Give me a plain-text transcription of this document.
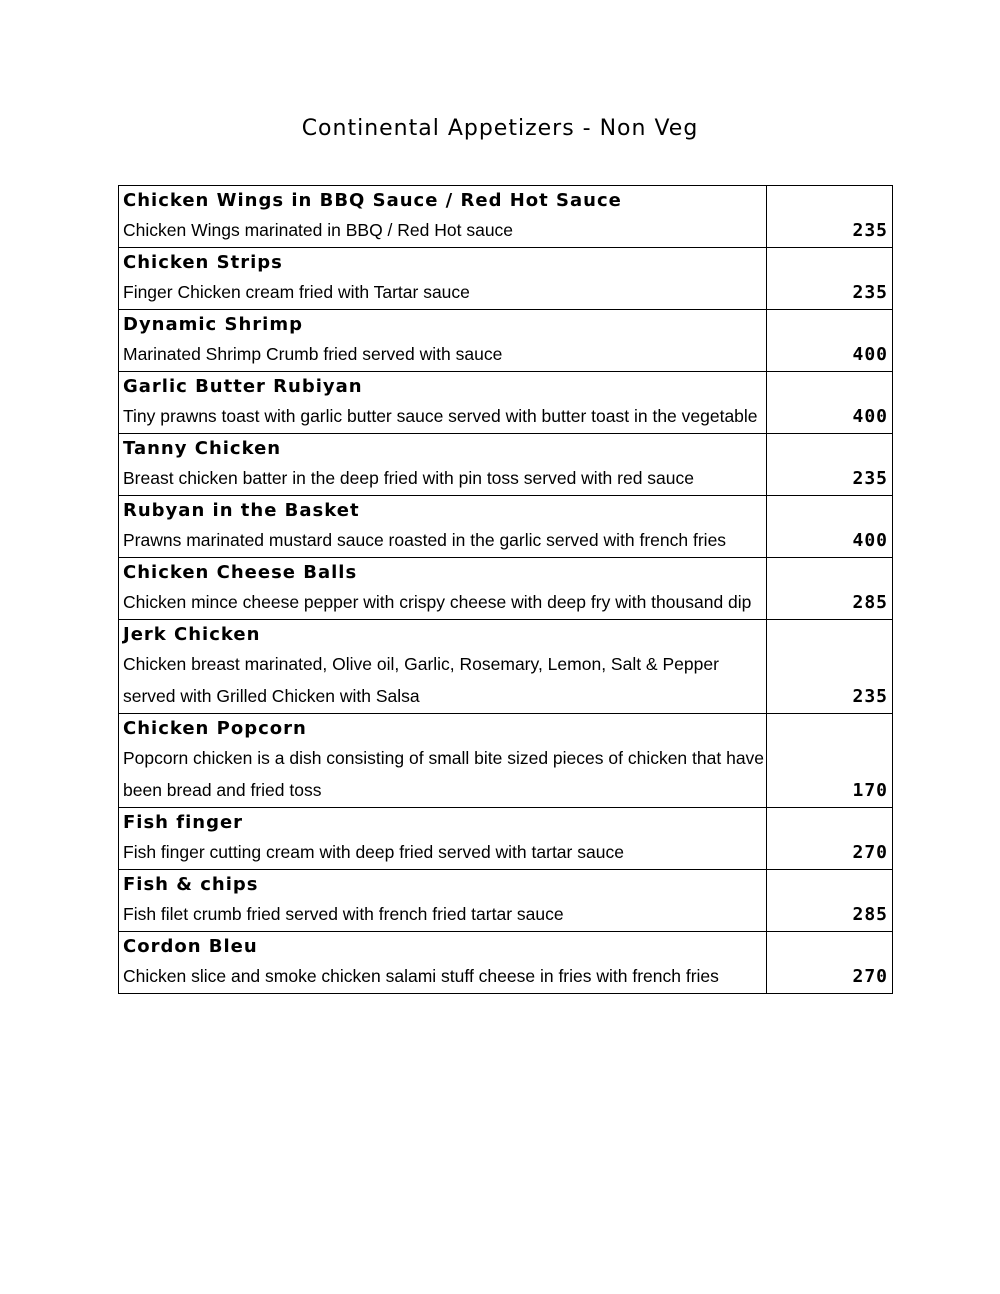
Continental Appetizers - Non Veg
Chicken Wings in BBQ Sauce / Red Hot Sauce
Chicken Wings marinated in BBQ / Red Hot sauce	235

Chicken Strips
Finger Chicken cream fried with Tartar sauce	235

Dynamic Shrimp
Marinated Shrimp Crumb fried served with sauce	400

Garlic Butter Rubiyan
Tiny prawns toast with garlic butter sauce served with butter toast in the vegetable	400

Tanny Chicken
Breast chicken batter in the deep fried with pin toss served with red sauce	235

Rubyan in the Basket
Prawns marinated mustard sauce roasted in the garlic served with french fries	400

Chicken Cheese Balls
Chicken mince cheese pepper with crispy cheese with deep fry with thousand dip	285

Jerk Chicken
Chicken breast marinated, Olive oil, Garlic, Rosemary, Lemon, Salt & Pepper served with Grilled Chicken with Salsa	235

Chicken Popcorn
Popcorn chicken is a dish consisting of small bite sized pieces of chicken that have been bread and fried toss	170

Fish finger
Fish finger cutting cream with deep fried served with tartar sauce	270

Fish & chips
Fish filet crumb fried served with french fried tartar sauce	285

Cordon Bleu
Chicken slice and smoke chicken salami stuff cheese in fries with french fries	270
